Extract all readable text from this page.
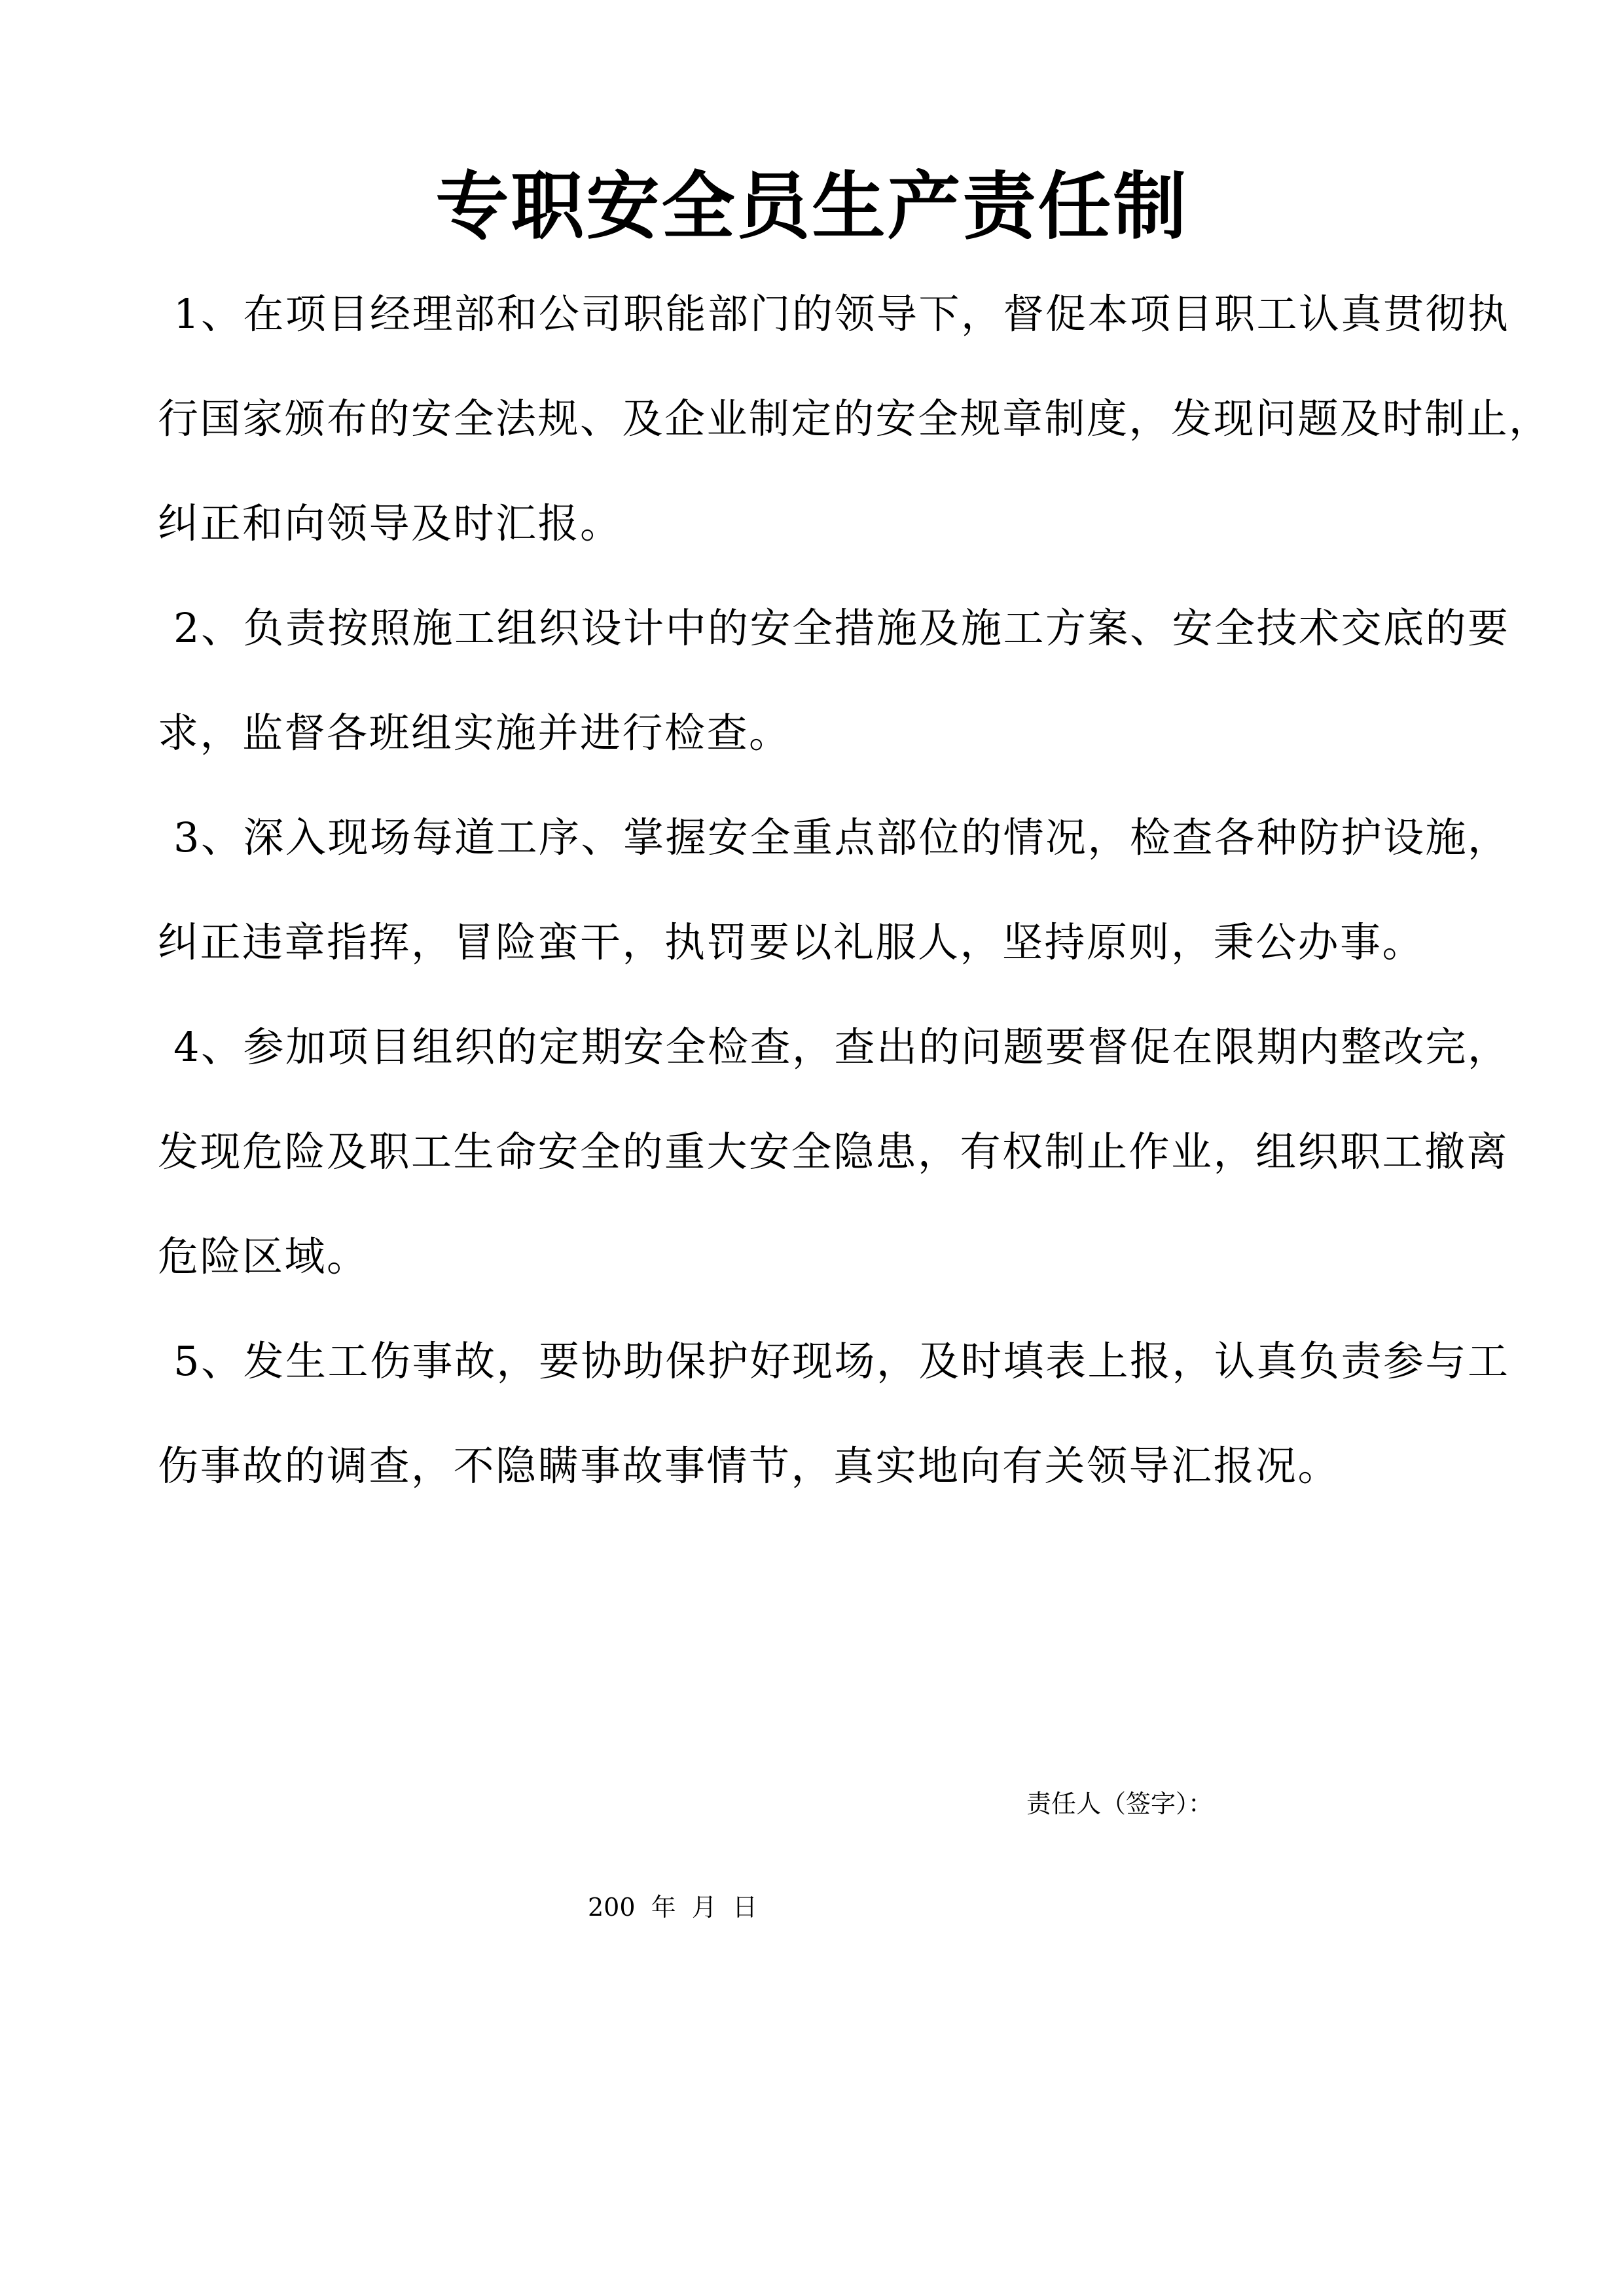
专职安全员生产责任制
1、在项目经理部和公司职能部门的领导下，督促本项目职工认真贯彻执
行国家颁布的安全法规、及企业制定的安全规章制度，发现问题及时制止，
纠正和向领导及时汇报。
2、负责按照施工组织设计中的安全措施及施工方案、安全技术交底的要
求，监督各班组实施并进行检查。
3、深入现场每道工序、掌握安全重点部位的情况，检查各种防护设施，
纠正违章指挥，冒险蛮干，执罚要以礼服人，坚持原则，秉公办事。
4、参加项目组织的定期安全检查，查出的问题要督促在限期内整改完，
发现危险及职工生命安全的重大安全隐患，有权制止作业，组织职工撤离
危险区域。
5、发生工伤事故，要协助保护好现场，及时填表上报，认真负责参与工
伤事故的调查，不隐瞒事故事情节，真实地向有关领导汇报况。
责任人（签字）：
200  年  月  日
